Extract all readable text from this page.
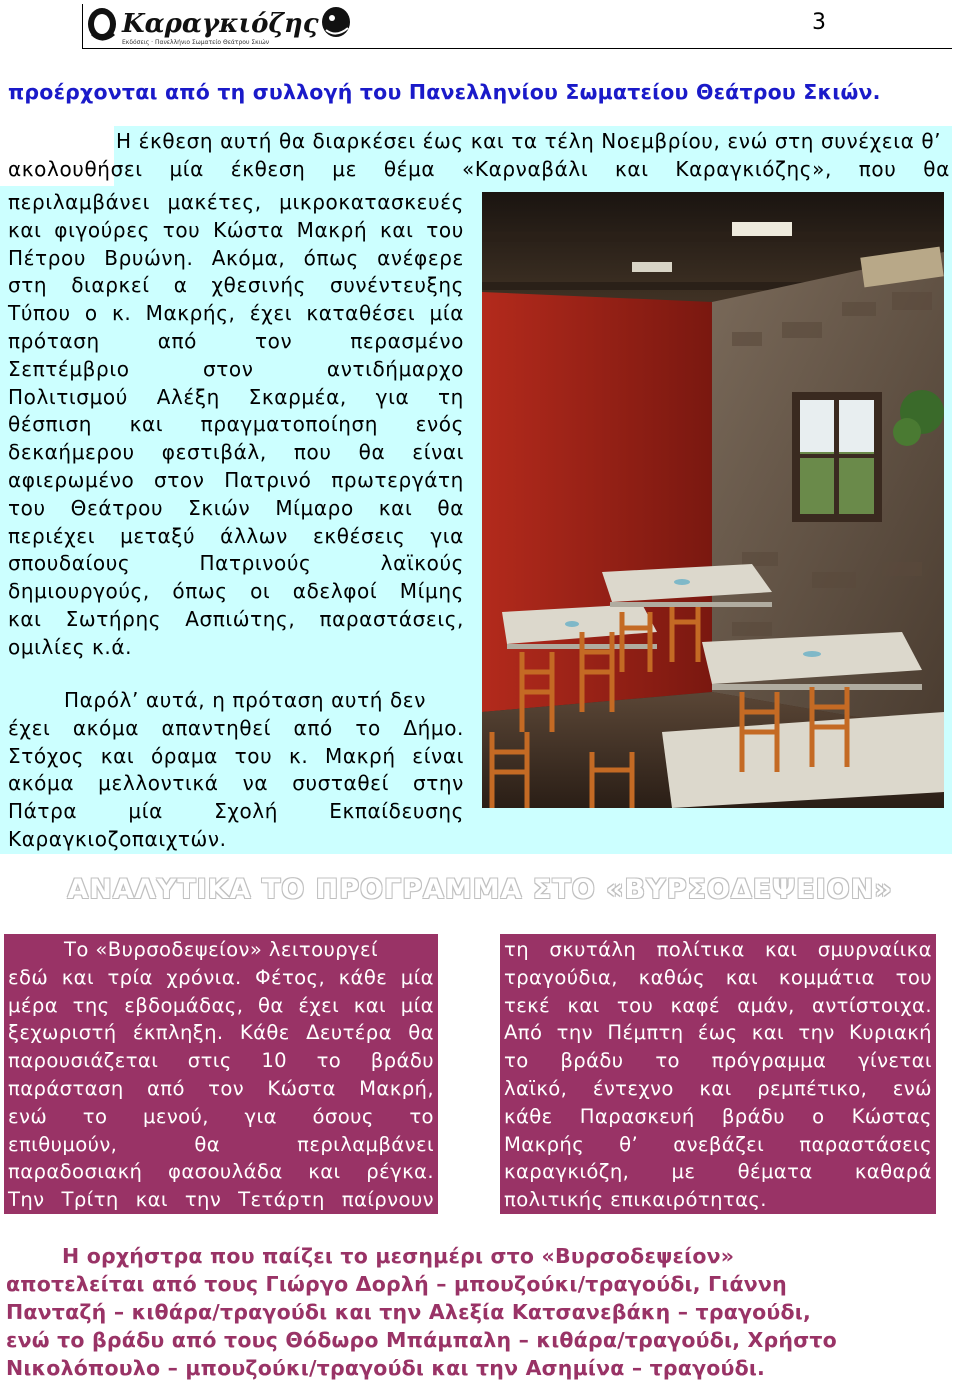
Καραγκιόζης
Εκδόσεις · Πανελλήνιο Σωματείο Θεάτρου Σκιών
3
προέρχονται από τη συλλογή του Πανελληνίου Σωματείου Θεάτρου Σκιών.
Η έκθεση αυτή θα διαρκέσει έως και τα τέλη Νοεμβρίου, ενώ στη συνέχεια θ’
ακολουθήσει μία έκθεση με θέμα «Καρναβάλι και Καραγκιόζης», που θα
περιλαμβάνει μακέτες, μικροκατασκευές
και φιγούρες του Κώστα Μακρή και του
Πέτρου Βρυώνη. Ακόμα, όπως ανέφερε
στη διαρκεί α χθεσινής συνέντευξης
Τύπου ο κ. Μακρής, έχει καταθέσει μία
πρόταση	από	τον	περασμένο
Σεπτέμβριο	στον	αντιδήμαρχο
Πολιτισμού Αλέξη Σκαρμέα, για τη
θέσπιση και πραγματοποίηση ενός
δεκαήμερου φεστιβάλ, που θα είναι
αφιερωμένο στον Πατρινό πρωτεργάτη
του Θεάτρου Σκιών Μίμαρο και θα
περιέχει μεταξύ άλλων εκθέσεις για
σπουδαίους	Πατρινούς	λαϊκούς
δημιουργούς, όπως οι αδελφοί Μίμης
και Σωτήρης Ασπιώτης, παραστάσεις,
ομιλίες κ.ά.
Παρόλ’ αυτά, η πρόταση αυτή δεν
έχει ακόμα απαντηθεί από το Δήμο.
Στόχος και όραμα του κ. Μακρή είναι
ακόμα μελλοντικά να συσταθεί στην
Πάτρα	μία	Σχολή	Εκπαίδευσης
Καραγκιοζοπαιχτών.
ΑΝΑΛΥΤΙΚΑ ΤΟ ΠΡΟΓΡΑΜΜΑ ΣΤΟ «ΒΥΡΣΟΔΕΨΕΙΟΝ»
Το «Βυρσοδεψείον» λειτουργεί
εδώ και τρία χρόνια. Φέτος, κάθε μία
μέρα της εβδομάδας, θα έχει και μία
ξεχωριστή έκπληξη. Κάθε Δευτέρα θα
παρουσιάζεται στις 10 το βράδυ
παράσταση από τον Κώστα Μακρή,
ενώ το μενού, για όσους το
επιθυμούν,	θα	περιλαμβάνει
παραδοσιακή φασουλάδα και ρέγκα.
Την Τρίτη και την Τετάρτη παίρνουν
τη σκυτάλη πολίτικα και σμυρναίικα
τραγούδια, καθώς και κομμάτια του
τεκέ και του καφέ αμάν, αντίστοιχα.
Από την Πέμπτη έως και την Κυριακή
το βράδυ το πρόγραμμα γίνεται
λαϊκό, έντεχνο και ρεμπέτικο, ενώ
κάθε Παρασκευή βράδυ ο Κώστας
Μακρής θ’ ανεβάζει παραστάσεις
καραγκιόζη, με θέματα καθαρά
πολιτικής επικαιρότητας.
Η ορχήστρα που παίζει το μεσημέρι στο «Βυρσοδεψείον»
αποτελείται από τους Γιώργο Δορλή – μπουζούκι/τραγούδι, Γιάννη
Πανταζή – κιθάρα/τραγούδι και την Αλεξία Κατσανεβάκη – τραγούδι,
ενώ το βράδυ από τους Θόδωρο Μπάμπαλη – κιθάρα/τραγούδι, Χρήστο
Νικολόπουλο – μπουζούκι/τραγούδι και την Ασημίνα – τραγούδι.
